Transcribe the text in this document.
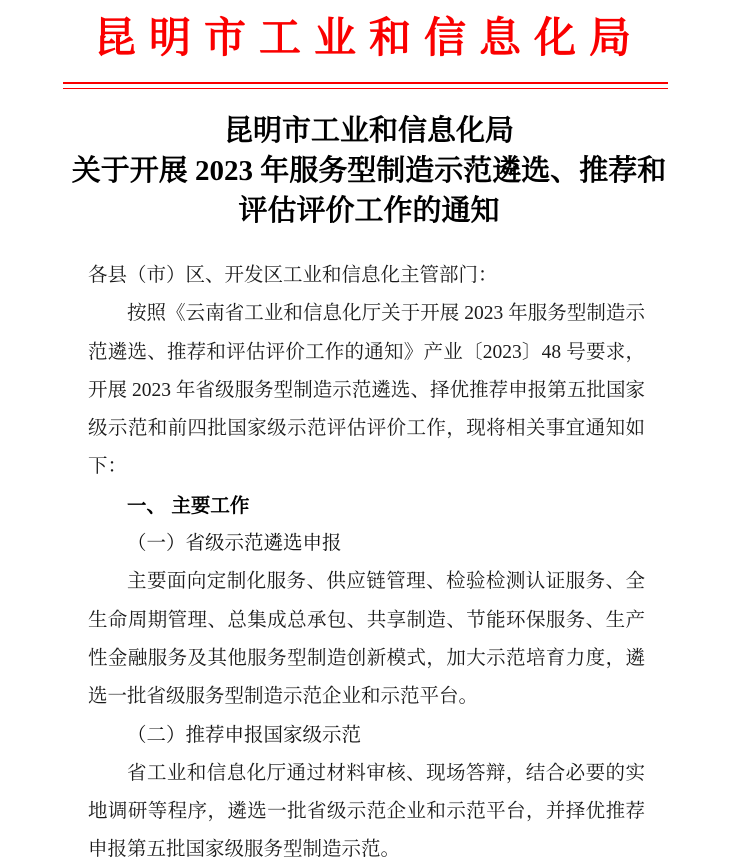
昆明市工业和信息化局
昆明市工业和信息化局
关于开展 2023 年服务型制造示范遴选、推荐和
评估评价工作的通知

各县（市）区、开发区工业和信息化主管部门：

按照《云南省工业和信息化厅关于开展 2023 年服务型制造示范遴选、推荐和评估评价工作的通知》产业〔2023〕48 号要求，开展 2023 年省级服务型制造示范遴选、择优推荐申报第五批国家级示范和前四批国家级示范评估评价工作，现将相关事宜通知如下：

一、 主要工作

（一）省级示范遴选申报

主要面向定制化服务、供应链管理、检验检测认证服务、全生命周期管理、总集成总承包、共享制造、节能环保服务、生产性金融服务及其他服务型制造创新模式，加大示范培育力度，遴选一批省级服务型制造示范企业和示范平台。

（二）推荐申报国家级示范

省工业和信息化厅通过材料审核、现场答辩，结合必要的实地调研等程序，遴选一批省级示范企业和示范平台，并择优推荐申报第五批国家级服务型制造示范。
